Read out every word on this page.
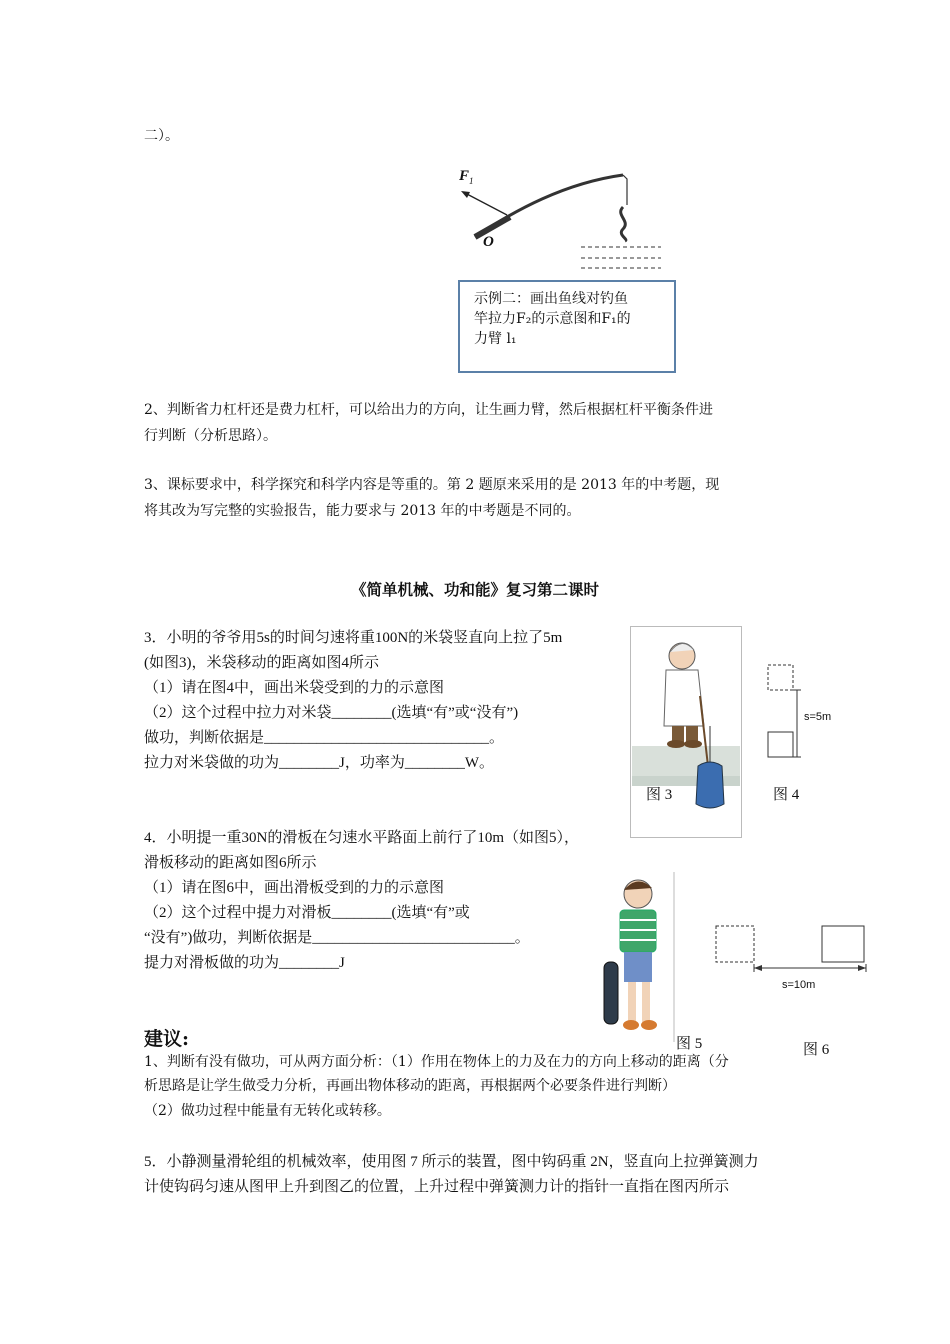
二）。
$F_1$
O
示例二：画出鱼线对钓鱼
竿拉力F₂的示意图和F₁的
力臂 l₁
2、判断省力杠杆还是费力杠杆，可以给出力的方向，让生画力臂，然后根据杠杆平衡条件进
行判断（分析思路）。
3、课标要求中，科学探究和科学内容是等重的。第 2 题原来采用的是 2013 年的中考题，现
将其改为写完整的实验报告，能力要求与 2013 年的中考题是不同的。
《简单机械、功和能》复习第二课时
3．小明的爷爷用5s的时间匀速将重100N的米袋竖直向上拉了5m
(如图3)，米袋移动的距离如图4所示
（1）请在图4中，画出米袋受到的力的示意图
（2）这个过程中拉力对米袋________(选填“有”或“没有”)
做功，判断依据是______________________________。
拉力对米袋做的功为________J，功率为________W。
图 3
s=5m
图 4
4．小明提一重30N的滑板在匀速水平路面上前行了10m（如图5），
滑板移动的距离如图6所示
（1）请在图6中，画出滑板受到的力的示意图
（2）这个过程中提力对滑板________(选填“有”或
“没有”)做功，判断依据是___________________________。
提力对滑板做的功为________J
图 5
s=10m
图 6
建议:
1、判断有没有做功，可从两方面分析：（1）作用在物体上的力及在力的方向上移动的距离（分
析思路是让学生做受力分析，再画出物体移动的距离，再根据两个必要条件进行判断）
（2）做功过程中能量有无转化或转移。
5．小静测量滑轮组的机械效率，使用图 7 所示的装置，图中钩码重 2N，竖直向上拉弹簧测力
计使钩码匀速从图甲上升到图乙的位置，上升过程中弹簧测力计的指针一直指在图丙所示
